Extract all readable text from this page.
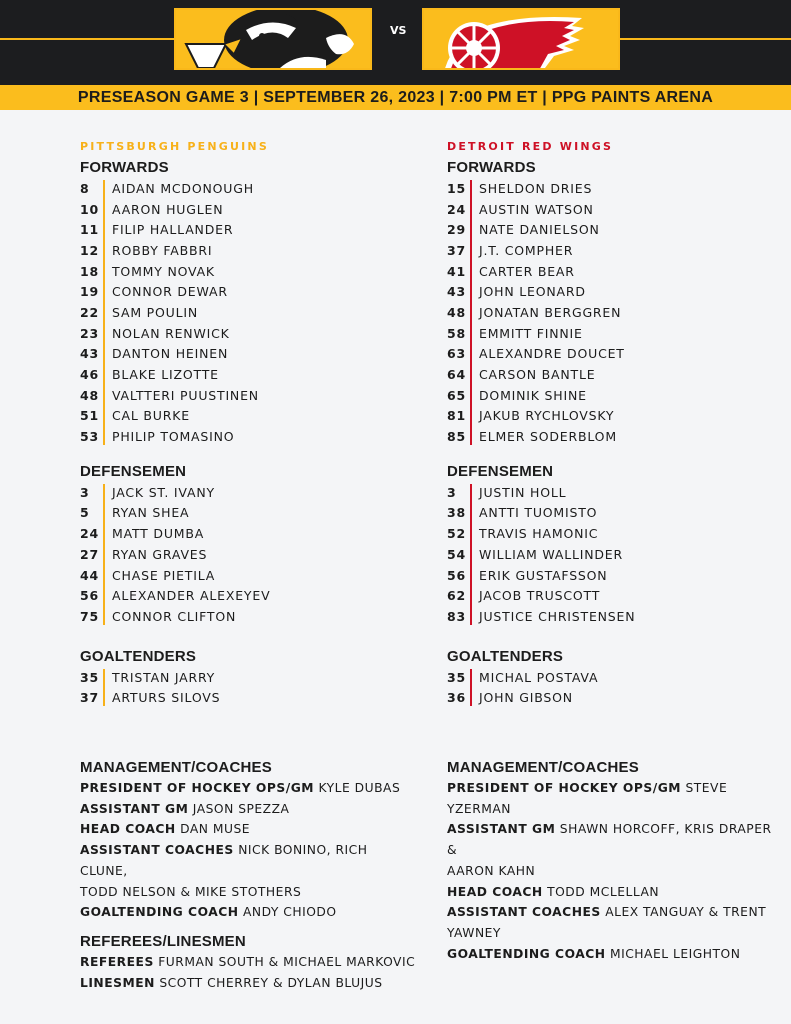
VS
PRESEASON GAME 3 | SEPTEMBER 26, 2023 | 7:00 PM ET | PPG PAINTS ARENA
PITTSBURGH PENGUINS
FORWARDS
8	AIDAN MCDONOUGH
10	AARON HUGLEN
11	FILIP HALLANDER
12	ROBBY FABBRI
18	TOMMY NOVAK
19	CONNOR DEWAR
22	SAM POULIN
23	NOLAN RENWICK
43	DANTON HEINEN
46	BLAKE LIZOTTE
48	VALTTERI PUUSTINEN
51	CAL BURKE
53	PHILIP TOMASINO
DEFENSEMEN
3	JACK ST. IVANY
5	RYAN SHEA
24	MATT DUMBA
27	RYAN GRAVES
44	CHASE PIETILA
56	ALEXANDER ALEXEYEV
75	CONNOR CLIFTON
GOALTENDERS
35	TRISTAN JARRY
37	ARTURS SILOVS
DETROIT RED WINGS
FORWARDS
15	SHELDON DRIES
24	AUSTIN WATSON
29	NATE DANIELSON
37	J.T. COMPHER
41	CARTER BEAR
43	JOHN LEONARD
48	JONATAN BERGGREN
58	EMMITT FINNIE
63	ALEXANDRE DOUCET
64	CARSON BANTLE
65	DOMINIK SHINE
81	JAKUB RYCHLOVSKY
85	ELMER SODERBLOM
DEFENSEMEN
3	JUSTIN HOLL
38	ANTTI TUOMISTO
52	TRAVIS HAMONIC
54	WILLIAM WALLINDER
56	ERIK GUSTAFSSON
62	JACOB TRUSCOTT
83	JUSTICE CHRISTENSEN
GOALTENDERS
35	MICHAL POSTAVA
36	JOHN GIBSON
MANAGEMENT/COACHES
PRESIDENT OF HOCKEY OPS/GM KYLE DUBAS
ASSISTANT GM JASON SPEZZA
HEAD COACH DAN MUSE
ASSISTANT COACHES NICK BONINO, RICH CLUNE,
TODD NELSON & MIKE STOTHERS
GOALTENDING COACH ANDY CHIODO
MANAGEMENT/COACHES
PRESIDENT OF HOCKEY OPS/GM STEVE YZERMAN
ASSISTANT GM SHAWN HORCOFF, KRIS DRAPER &
AARON KAHN
HEAD COACH TODD MCLELLAN
ASSISTANT COACHES ALEX TANGUAY & TRENT
YAWNEY
GOALTENDING COACH MICHAEL LEIGHTON
REFEREES/LINESMEN
REFEREES FURMAN SOUTH & MICHAEL MARKOVIC
LINESMEN SCOTT CHERREY & DYLAN BLUJUS
